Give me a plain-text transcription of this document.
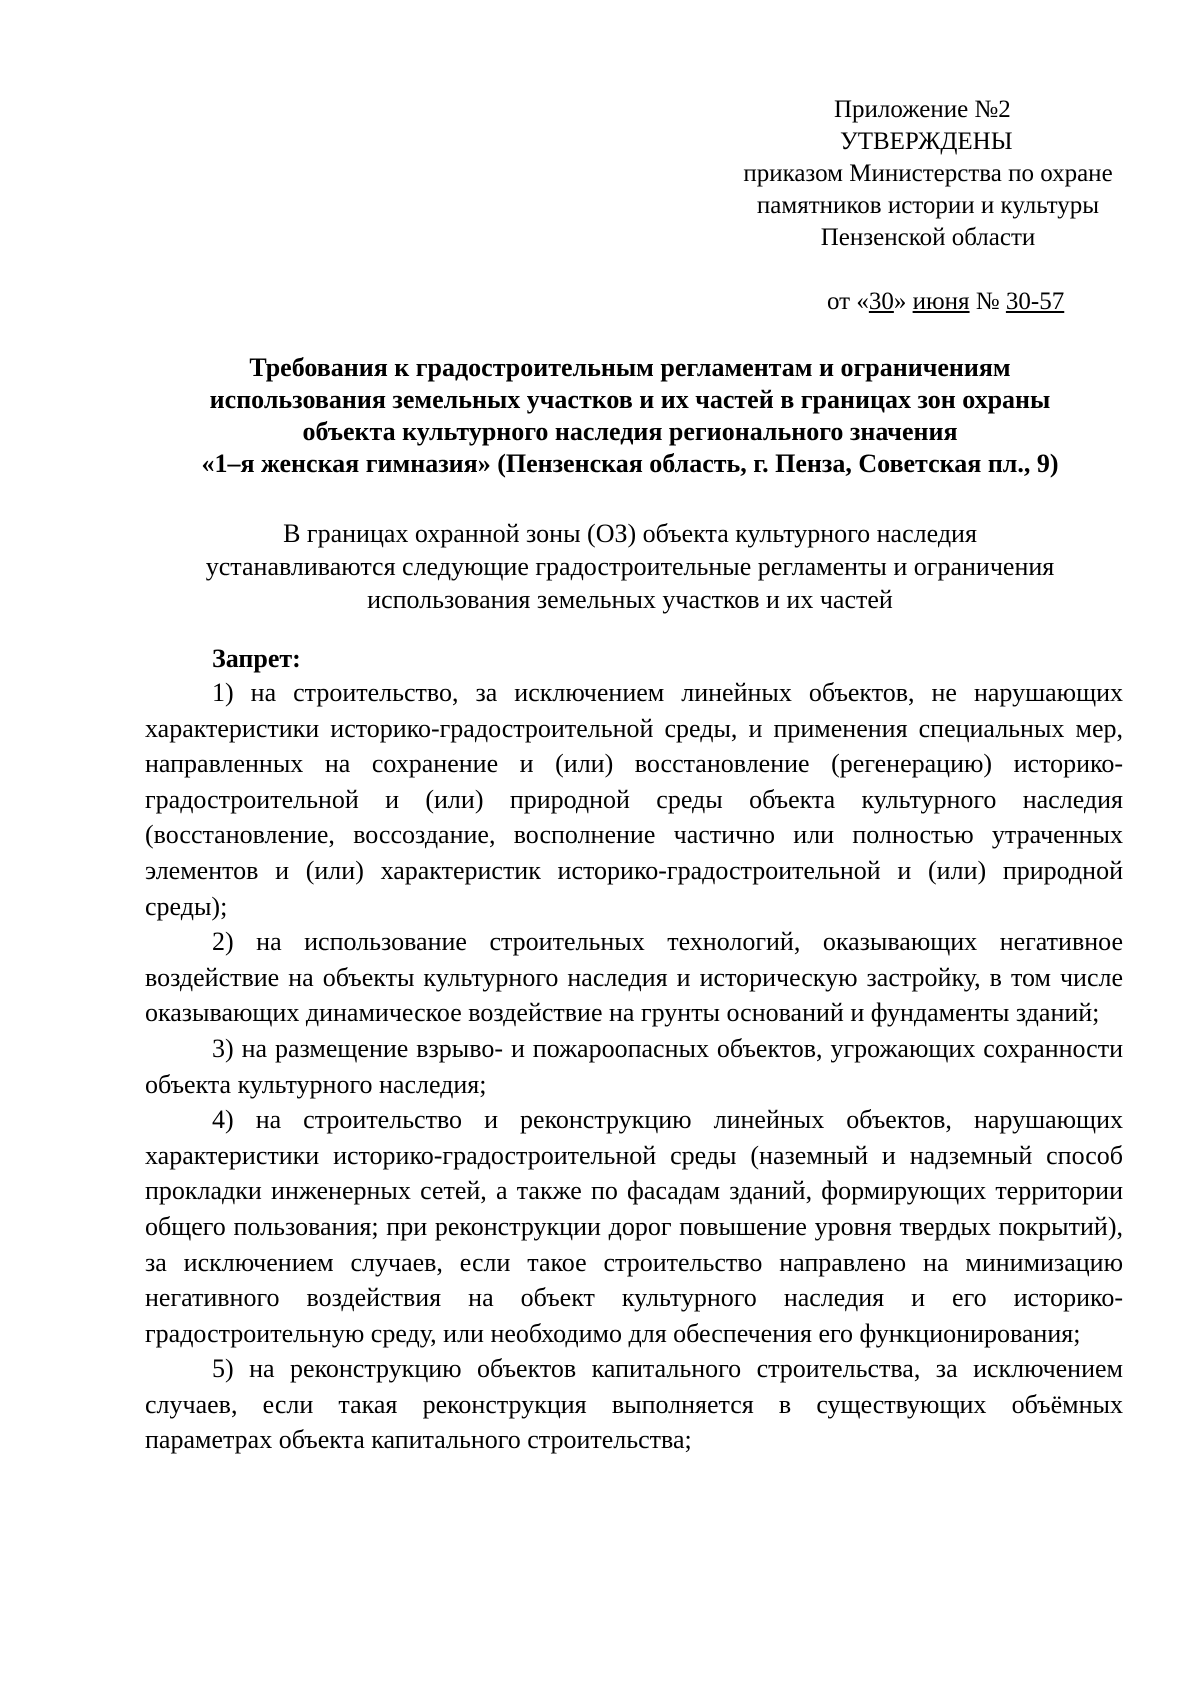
Приложение №2
УТВЕРЖДЕНЫ
приказом Министерства по охране
памятников истории и культуры
Пензенской области
от «30» июня № 30-57
Требования к градостроительным регламентам и ограничениям
использования земельных участков и их частей в границах зон охраны
объекта культурного наследия регионального значения
«1–я женская гимназия» (Пензенская область, г. Пенза, Советская пл., 9)
В границах охранной зоны (ОЗ) объекта культурного наследия
устанавливаются следующие градостроительные регламенты и ограничения
использования земельных участков и их частей
Запрет:

1) на строительство, за исключением линейных объектов, не нарушающих характеристики историко-градостроительной среды, и применения специальных мер, направленных на сохранение и (или) восстановление (регенерацию) историко-градостроительной и (или) природной среды объекта культурного наследия (восстановление, воссоздание, восполнение частично или полностью утраченных элементов и (или) характеристик историко-градостроительной и (или) природной среды);

2) на использование строительных технологий, оказывающих негативное воздействие на объекты культурного наследия и историческую застройку, в том числе оказывающих динамическое воздействие на грунты оснований и фундаменты зданий;

3) на размещение взрыво- и пожароопасных объектов, угрожающих сохранности объекта культурного наследия;

4) на строительство и реконструкцию линейных объектов, нарушающих характеристики историко-градостроительной среды (наземный и надземный способ прокладки инженерных сетей, а также по фасадам зданий, формирующих территории общего пользования; при реконструкции дорог повышение уровня твердых покрытий), за исключением случаев, если такое строительство направлено на минимизацию негативного воздействия на объект культурного наследия и его историко-градостроительную среду, или необходимо для обеспечения его функционирования;

5) на реконструкцию объектов капитального строительства, за исключением случаев, если такая реконструкция выполняется в существующих объёмных параметрах объекта капитального строительства;
